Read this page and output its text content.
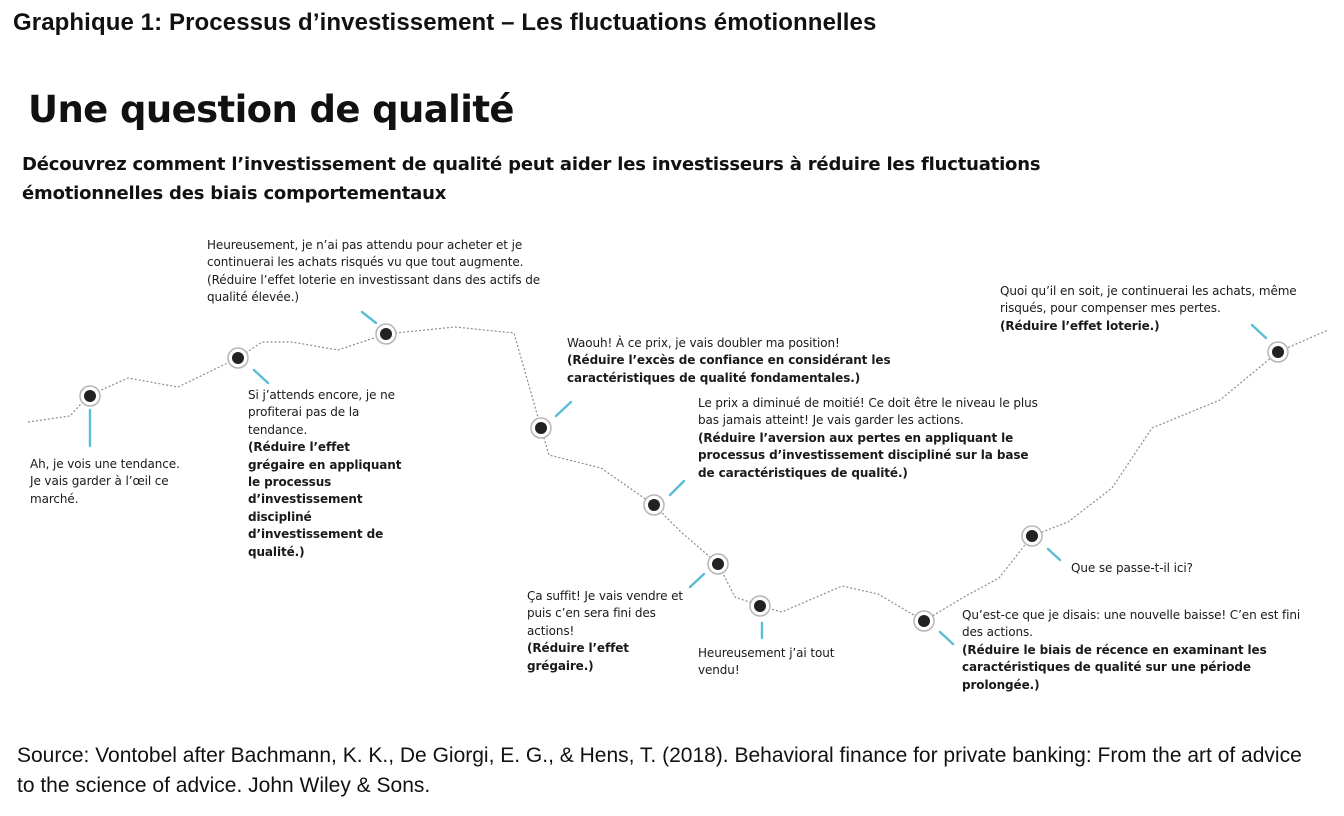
Graphique 1: Processus d’investissement – Les fluctuations émotionnelles
Une question de qualité
Découvrez comment l’investissement de qualité peut aider les investisseurs à réduire les fluctuations émotionnelles des biais comportementaux
Ah, je vois une tendance. Je vais garder à l’œil ce marché.
Si j’attends encore, je ne profiterai pas de la tendance.
(Réduire l’effet grégaire en appliquant le processus d’investissement discipliné d’investissement de qualité.)
Heureusement, je n’ai pas attendu pour acheter et je continuerai les achats risqués vu que tout augmente. (Réduire l’effet loterie en investissant dans des actifs de qualité élevée.)
Waouh! À ce prix, je vais doubler ma position!
(Réduire l’excès de confiance en considérant les caractéristiques de qualité fondamentales.)
Le prix a diminué de moitié! Ce doit être le niveau le plus bas jamais atteint! Je vais garder les actions.
(Réduire l’aversion aux pertes en appliquant le processus d’investissement discipliné sur la base de caractéristiques de qualité.)
Ça suffit! Je vais vendre et puis c’en sera fini des actions!
(Réduire l’effet grégaire.)
Heureusement j’ai tout vendu!
Qu’est-ce que je disais: une nouvelle baisse! C’en est fini des actions.
(Réduire le biais de récence en examinant les caractéristiques de qualité sur une période prolongée.)
Que se passe-t-il ici?
Quoi qu’il en soit, je continuerai les achats, même risqués, pour compenser mes pertes.
(Réduire l’effet loterie.)
Source: Vontobel after Bachmann, K. K., De Giorgi, E. G., & Hens, T. (2018). Behavioral finance for private banking: From the art of advice to the science of advice. John Wiley & Sons.
